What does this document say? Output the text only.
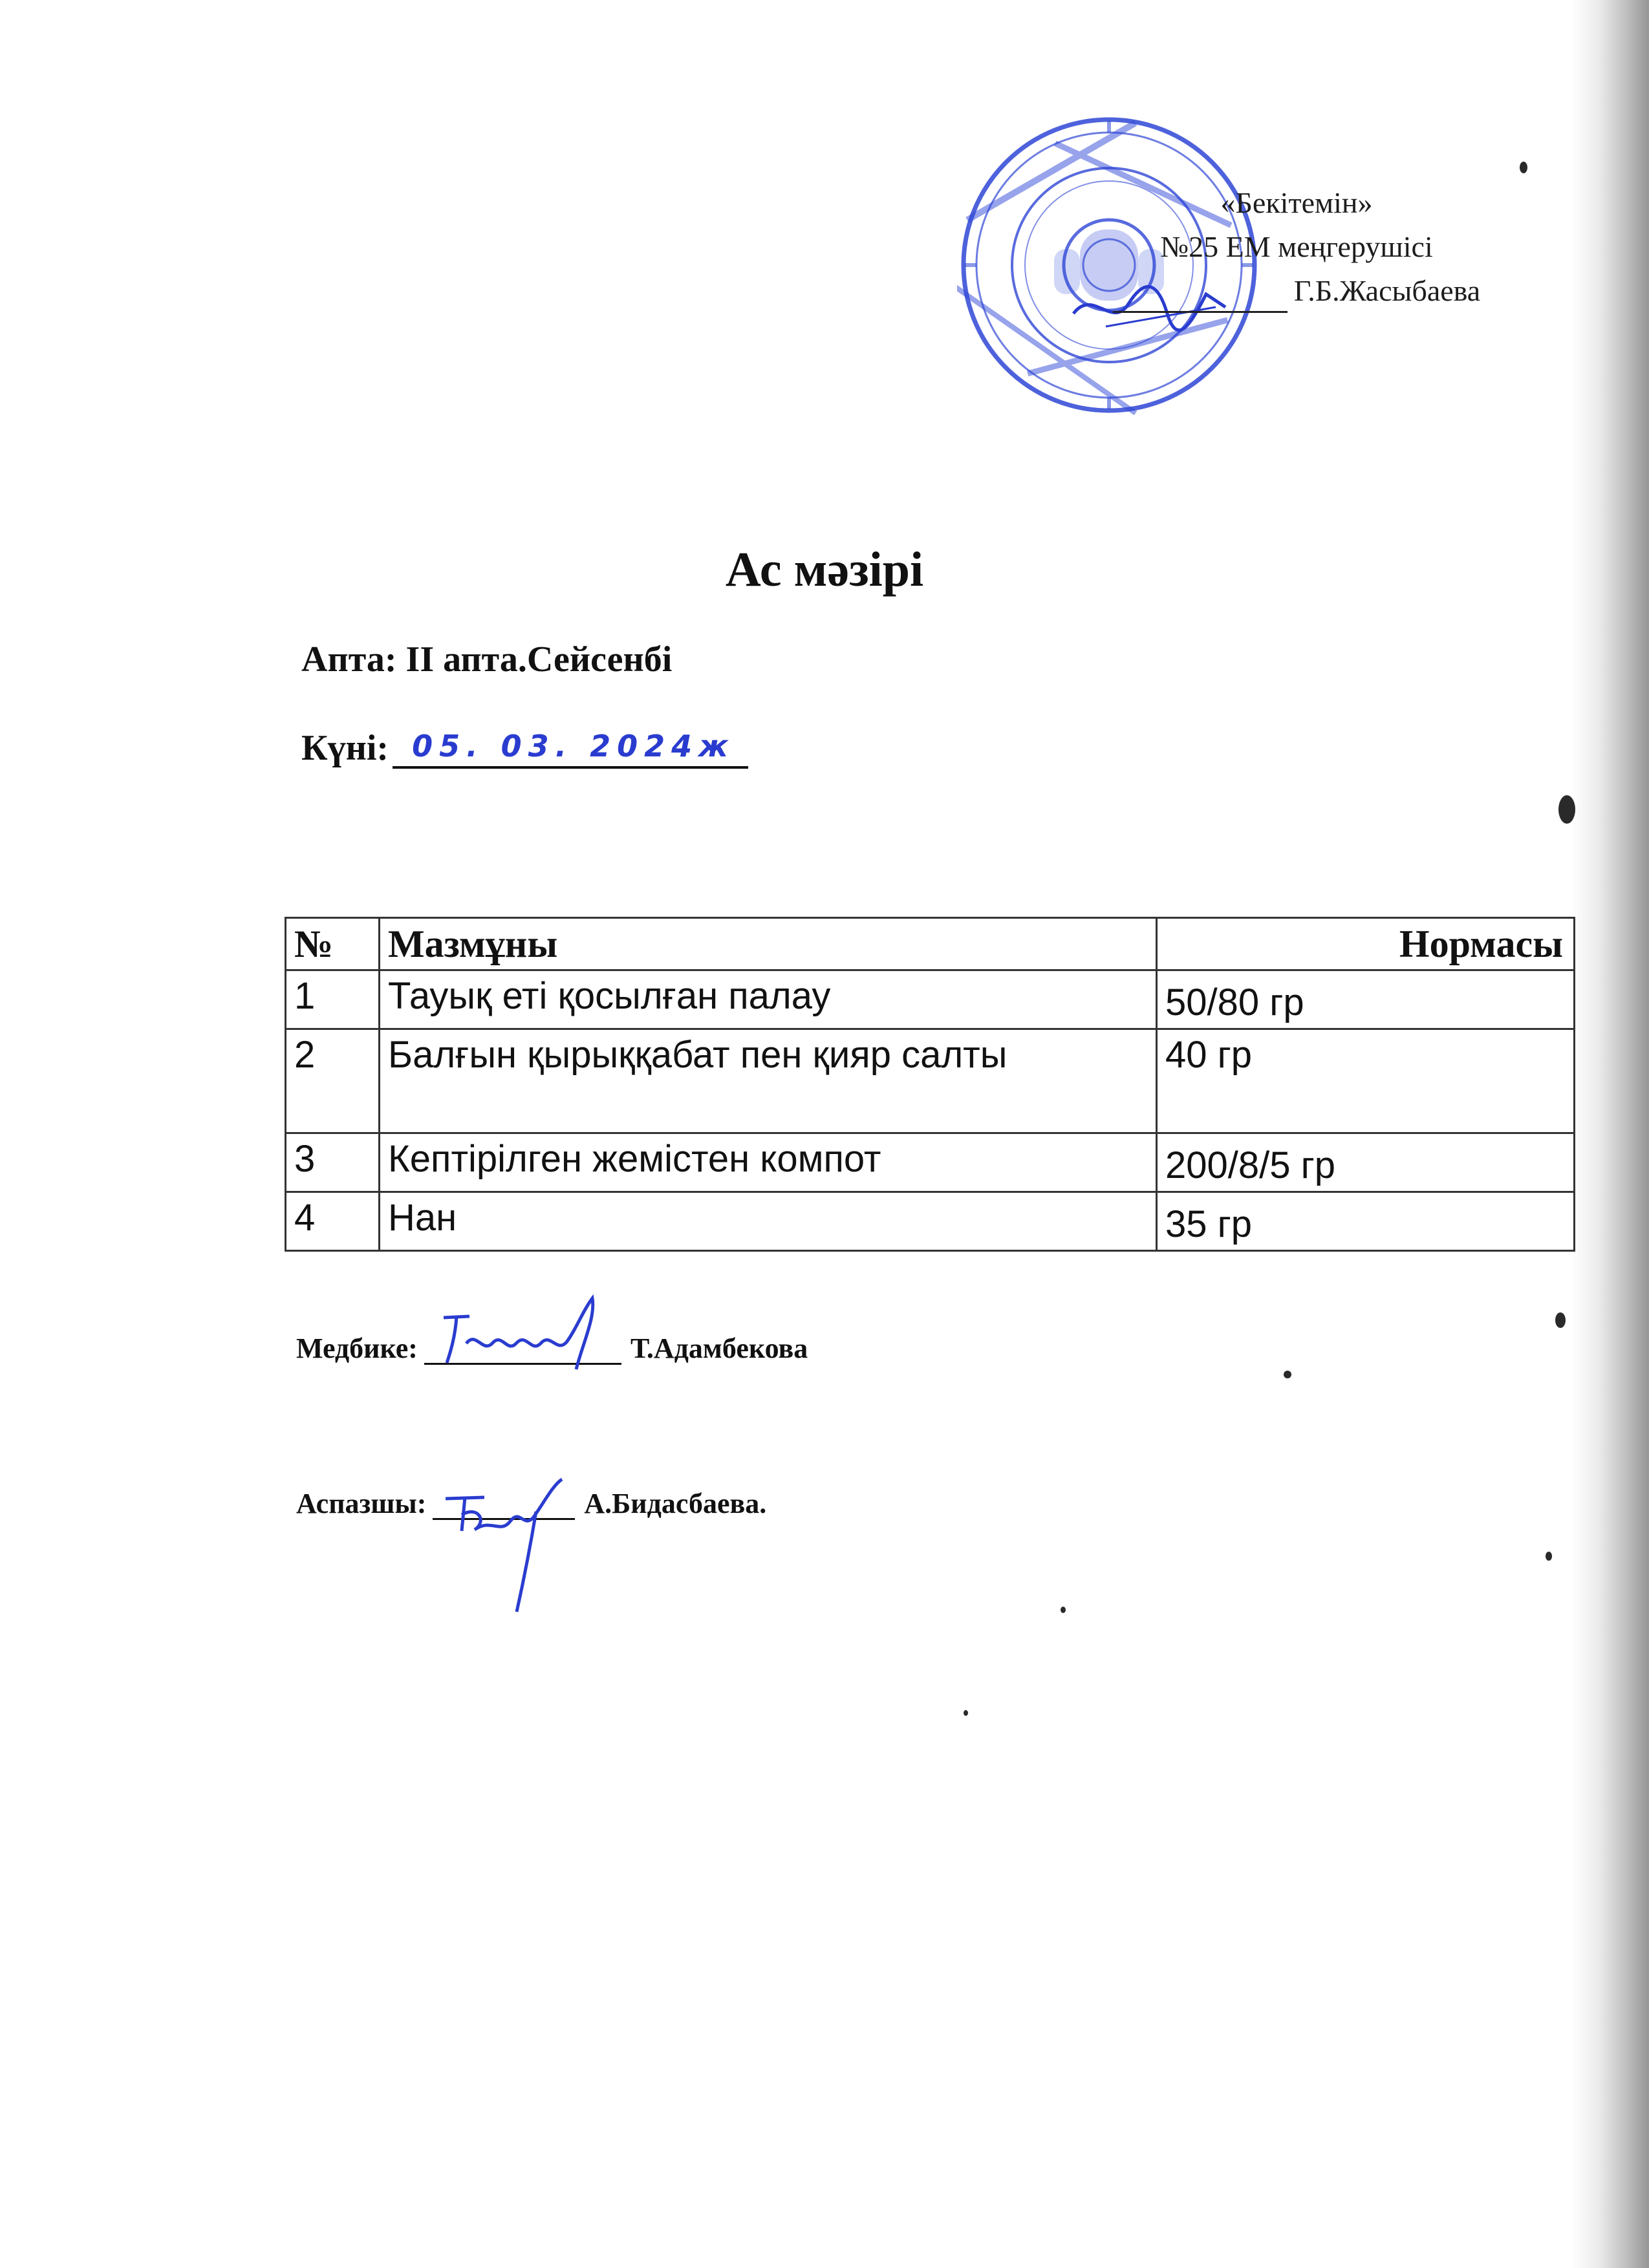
«Бекітемін»
№25 ЕМ меңгерушісі
Г.Б.Жасыбаева
Ас мәзірі
Апта: II апта.Сейсенбі
Күні: 05. 03. 2024ж
№	Мазмұны	Нормасы
1	Тауық еті қосылған палау	50/80 гр
2	Балғын қырыққабат пен қияр салты	40 гр
3	Кептірілген жемістен компот	200/8/5 гр
4	Нан	35 гр
Медбике:	Т.Адамбекова
Аспазшы:	А.Бидасбаева.
